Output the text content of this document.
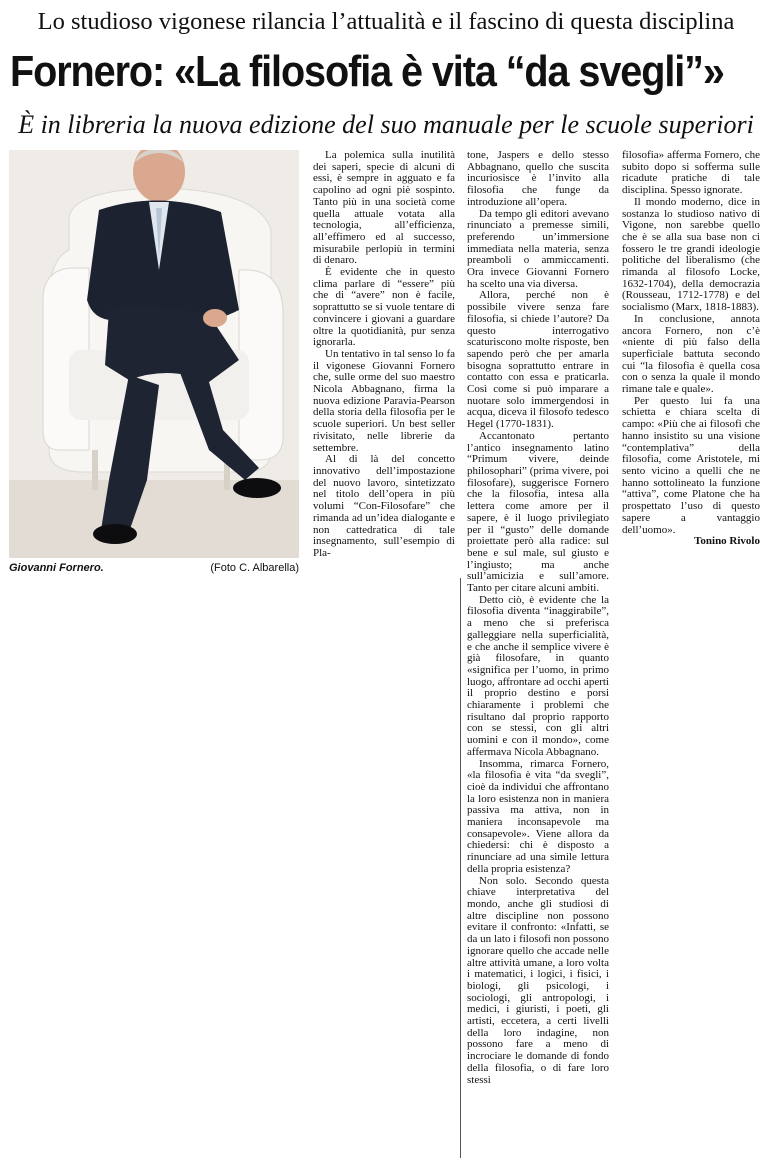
Lo studioso vigonese rilancia l’attualità e il fascino di questa disciplina
Fornero: «La filosofia è vita “da svegli”»
È in libreria la nuova edizione del suo manuale per le scuole superiori
Giovanni Fornero.	(Foto C. Albarella)

La polemica sulla inutilità dei saperi, specie di alcuni di essi, è sempre in agguato e fa capolino ad ogni piè sospinto. Tanto più in una società come quella attuale votata alla tecnologia, all’efficienza, all’effimero ed al successo, misurabile perlopiù in termini di denaro.

È evidente che in questo clima parlare di “essere” più che di “avere” non è facile, soprattutto se si vuole tentare di convincere i giovani a guardare oltre la quotidianità, pur senza ignorarla.

Un tentativo in tal senso lo fa il vigonese Giovanni Fornero che, sulle orme del suo maestro Nicola Abbagnano, firma la nuova edizione Paravia-Pearson della storia della filosofia per le scuole superiori. Un best seller rivisitato, nelle librerie da settembre.

Al di là del concetto innovativo dell’impostazione del nuovo lavoro, sintetizzato nel titolo dell’opera in più volumi “Con-Filosofare” che rimanda ad un’idea dialogante e non cattedratica di tale insegnamento, sull’esempio di Pla-

tone, Jaspers e dello stesso Abbagnano, quello che suscita incuriosisce è l’invito alla filosofia che funge da introduzione all’opera.

Da tempo gli editori avevano rinunciato a premesse simili, preferendo un’immersione immediata nella materia, senza preamboli o ammiccamenti. Ora invece Giovanni Fornero ha scelto una via diversa.

Allora, perché non è possibile vivere senza fare filosofia, si chiede l’autore? Da questo interrogativo scaturiscono molte risposte, ben sapendo però che per amarla bisogna soprattutto entrare in contatto con essa e praticarla. Così come si può imparare a nuotare solo immergendosi in acqua, diceva il filosofo tedesco Hegel (1770-1831).

Accantonato pertanto l’antico insegnamento latino “Primum vivere, deinde philosophari” (prima vivere, poi filosofare), suggerisce Fornero che la filosofia, intesa alla lettera come amore per il sapere, è il luogo privilegiato per il “gusto” delle domande proiettate però alla radice: sul bene e sul male, sul giusto e l’ingiusto; ma anche sull’amicizia e sull’amore. Tanto per citare alcuni ambiti.

Detto ciò, è evidente che la filosofia diventa “inaggirabile”, a meno che si preferisca galleggiare nella superficialità, e che anche il semplice vivere è già filosofare, in quanto «significa per l’uomo, in primo luogo, affrontare ad occhi aperti il proprio destino e porsi chiaramente i problemi che risultano dal proprio rapporto con se stessi, con gli altri uomini e con il mondo», come affermava Nicola Abbagnano.

Insomma, rimarca Fornero, «la filosofia è vita “da svegli”, cioè da individui che affrontano la loro esistenza non in maniera passiva ma attiva, non in maniera inconsapevole ma consapevole». Viene allora da chiedersi: chi è disposto a rinunciare ad una simile lettura della propria esistenza?

Non solo. Secondo questa chiave interpretativa del mondo, anche gli studiosi di altre discipline non possono evitare il confronto: «Infatti, se da un lato i filosofi non possono ignorare quello che accade nelle altre attività umane, a loro volta i matematici, i logici, i fisici, i biologi, gli psicologi, i sociologi, gli antropologi, i medici, i giuristi, i poeti, gli artisti, eccetera, a certi livelli della loro indagine, non possono fare a meno di incrociare le domande di fondo della filosofia, o di fare loro stessi

filosofia» afferma Fornero, che subito dopo si sofferma sulle ricadute pratiche di tale disciplina. Spesso ignorate.

Il mondo moderno, dice in sostanza lo studioso nativo di Vigone, non sarebbe quello che è se alla sua base non ci fossero le tre grandi ideologie politiche del liberalismo (che rimanda al filosofo Locke, 1632-1704), della democrazia (Rousseau, 1712-1778) e del socialismo (Marx, 1818-1883).

In conclusione, annota ancora Fornero, non c’è «niente di più falso della superficiale battuta secondo cui “la filosofia è quella cosa con o senza la quale il mondo rimane tale e quale».

Per questo lui fa una schietta e chiara scelta di campo: «Più che ai filosofi che hanno insistito su una visione “contemplativa” della filosofia, come Aristotele, mi sento vicino a quelli che ne hanno sottolineato la funzione “attiva”, come Platone che ha prospettato l’uso di questo sapere a vantaggio dell’uomo».

Tonino Rivolo
